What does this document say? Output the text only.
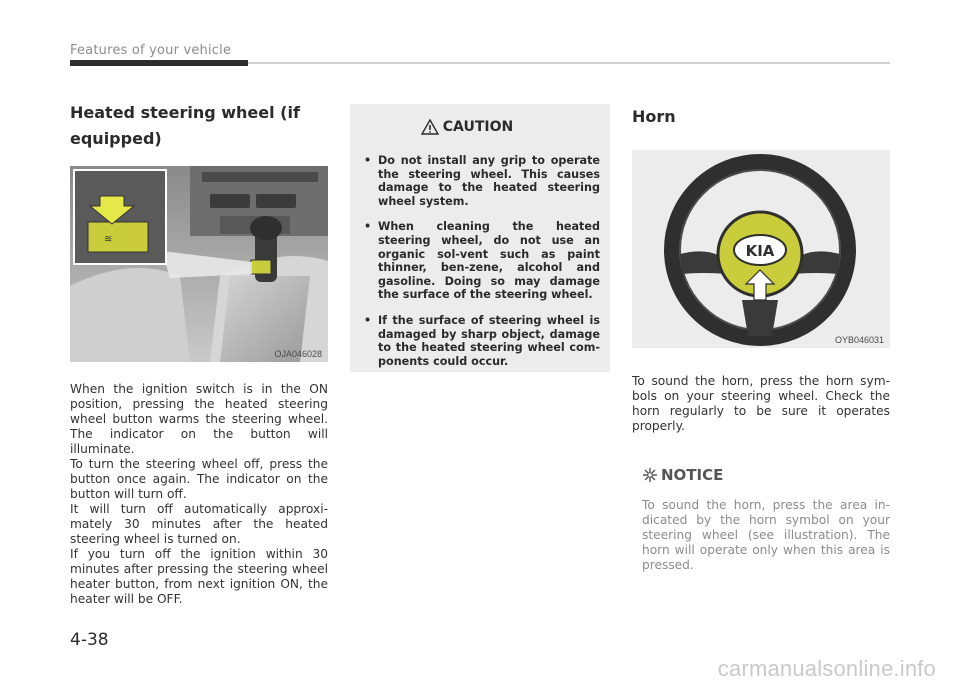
Features of your vehicle
Heated steering wheel (if equipped)
≋
OJA046028

When the ignition switch is in the ON position, pressing the heated steering wheel button warms the steering wheel. The indicator on the button will illuminate.

To turn the steering wheel off, press the button once again. The indicator on the button will turn off.

It will turn off automatically approxi-mately 30 minutes after the heated steering wheel is turned on.

If you turn off the ignition within 30 minutes after pressing the steering wheel heater button, from next ignition ON, the heater will be OFF.

CAUTION
• Do not install any grip to operate the steering wheel. This causes damage to the heated steering wheel system.
• When cleaning the heated steering wheel, do not use an organic sol-vent such as paint thinner, ben-zene, alcohol and gasoline. Doing so may damage the surface of the steering wheel.
• If the surface of steering wheel is damaged by sharp object, damage to the heated steering wheel com-ponents could occur.
Horn
KIA
OYB046031
To sound the horn, press the horn sym-bols on your steering wheel. Check the horn regularly to be sure it operates properly.
NOTICE
To sound the horn, press the area in-dicated by the horn symbol on your steering wheel (see illustration). The horn will operate only when this area is pressed.
4-38
carmanualsonline.info
